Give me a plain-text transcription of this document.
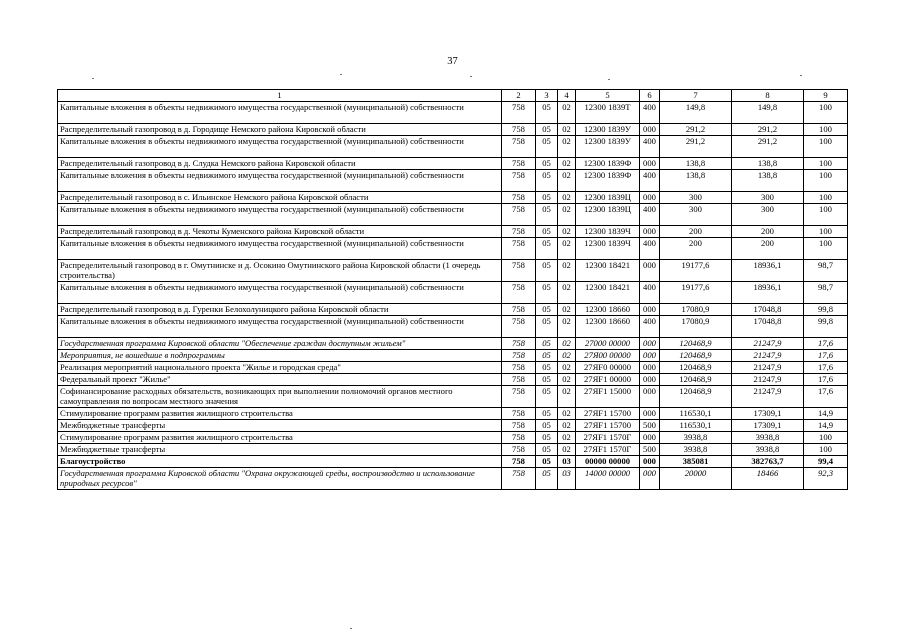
37
1	2	3	4	5	6	7	8	9
Капитальные вложения в объекты недвижимого имущества государственной (муниципальной) собственности	758	05	02	12300 1839Т	400	149,8	149,8	100
Распределительный газопровод в д. Городище Немского района Кировской области	758	05	02	12300 1839У	000	291,2	291,2	100
Капитальные вложения в объекты недвижимого имущества государственной (муниципальной) собственности	758	05	02	12300 1839У	400	291,2	291,2	100
Распределительный газопровод в д. Слудка Немского района Кировской области	758	05	02	12300 1839Ф	000	138,8	138,8	100
Капитальные вложения в объекты недвижимого имущества государственной (муниципальной) собственности	758	05	02	12300 1839Ф	400	138,8	138,8	100
Распределительный газопровод в с. Ильинское Немского района Кировской области	758	05	02	12300 1839Ц	000	300	300	100
Капитальные вложения в объекты недвижимого имущества государственной (муниципальной) собственности	758	05	02	12300 1839Ц	400	300	300	100
Распределительный газопровод в д. Чекоты Куменского района Кировской области	758	05	02	12300 1839Ч	000	200	200	100
Капитальные вложения в объекты недвижимого имущества государственной (муниципальной) собственности	758	05	02	12300 1839Ч	400	200	200	100
Распределительный газопровод в г. Омутнинске и д. Осокино Омутнинского района Кировской области (1 очередь строительства)	758	05	02	12300 18421	000	19177,6	18936,1	98,7
Капитальные вложения в объекты недвижимого имущества государственной (муниципальной) собственности	758	05	02	12300 18421	400	19177,6	18936,1	98,7
Распределительный газопровод в д. Гуренки Белохолуницкого района Кировской области	758	05	02	12300 18660	000	17080,9	17048,8	99,8
Капитальные вложения в объекты недвижимого имущества государственной (муниципальной) собственности	758	05	02	12300 18660	400	17080,9	17048,8	99,8
Государственная программа Кировской области "Обеспечение граждан доступным жильем"	758	05	02	27000 00000	000	120468,9	21247,9	17,6
Мероприятия, не вошедшие в подпрограммы	758	05	02	27Я00 00000	000	120468,9	21247,9	17,6
Реализация мероприятий национального проекта "Жилье и городская среда"	758	05	02	27ЯF0 00000	000	120468,9	21247,9	17,6
Федеральный проект "Жилье"	758	05	02	27ЯF1 00000	000	120468,9	21247,9	17,6
Софинансирование расходных обязательств, возникающих при выполнении полномочий органов местного самоуправления по вопросам местного значения	758	05	02	27ЯF1 15000	000	120468,9	21247,9	17,6
Стимулирование программ развития жилищного строительства	758	05	02	27ЯF1 15700	000	116530,1	17309,1	14,9
Межбюджетные трансферты	758	05	02	27ЯF1 15700	500	116530,1	17309,1	14,9
Стимулирование программ развития жилищного строительства	758	05	02	27ЯF1 1570Г	000	3938,8	3938,8	100
Межбюджетные трансферты	758	05	02	27ЯF1 1570Г	500	3938,8	3938,8	100
Благоустройство	758	05	03	00000 00000	000	385081	382763,7	99,4
Государственная программа Кировской области "Охрана окружающей среды, воспроизводство и использование природных ресурсов"	758	05	03	14000 00000	000	20000	18466	92,3
